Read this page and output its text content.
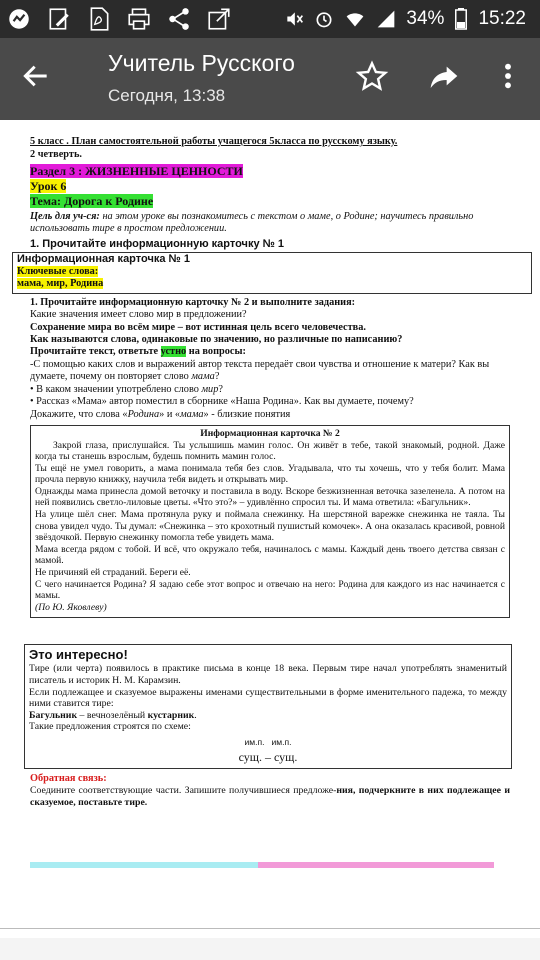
34% 15:22
Учитель Русского
Сегодня, 13:38

5 класс . План самостоятельной работы учащегося 5класса по русскому языку.

2 четверть.

Раздел 3 : ЖИЗНЕННЫЕ ЦЕННОСТИ

Урок 6

Тема: Дорога к Родине

Цель для уч-ся: на этом уроке вы познакомитесь с текстом о маме, о Родине; научитесь правильно использовать тире в простом предложении.

1. Прочитайте информационную карточку № 1

Информационная карточка № 1

Ключевые слова:

мама, мир, Родина

1. Прочитайте информационную карточку № 2 и выполните задания:

Какие значения имеет слово мир в предложении?

Сохранение мира во всём мире – вот истинная цель всего человечества.

Как называются слова, одинаковые по значению, но различные по написанию?

Прочитайте текст, ответьте устно на вопросы:

-С помощью каких слов и выражений автор текста передаёт свои чувства и отношение к матери? Как вы думаете, почему он повторяет слово мама?

• В каком значении употреблено слово мир?

• Рассказ «Мама» автор поместил в сборнике «Наша Родина». Как вы думаете, почему?

Докажите, что слова «Родина» и «мама» - близкие понятия

Информационная карточка № 2

Закрой глаза, прислушайся. Ты услышишь мамин голос. Он живёт в тебе, такой знакомый, родной. Даже когда ты станешь взрослым, будешь помнить мамин голос.

Ты ещё не умел говорить, а мама понимала тебя без слов. Угадывала, что ты хочешь, что у тебя болит. Мама прочла первую книжку, научила тебя видеть и открывать мир.

Однажды мама принесла домой веточку и поставила в воду. Вскоре безжизненная веточка зазеленела. А потом на ней появились светло-лиловые цветы. «Что это?» – удивлённо спросил ты. И мама ответила: «Багульник».

На улице шёл снег. Мама протянула руку и поймала снежинку. На шерстяной варежке снежинка не таяла. Ты снова увидел чудо. Ты думал: «Снежинка – это крохотный пушистый комочек». А она оказалась красивой, ровной звёздочкой. Первую снежинку помогла тебе увидеть мама.

Мама всегда рядом с тобой. И всё, что окружало тебя, начиналось с мамы. Каждый день твоего детства связан с мамой.

Не причиняй ей страданий. Береги её.

С чего начинается Родина? Я задаю себе этот вопрос и отвечаю на него: Родина для каждого из нас начинается с мамы.

(По Ю. Яковлеву)

Это интересно!

Тире (или черта) появилось в практике письма в конце 18 века. Первым тире начал употреблять знаменитый писатель и историк Н. М. Карамзин.

Если подлежащее и сказуемое выражены именами существительными в форме именительного падежа, то между ними ставится тире:

Багульник – вечнозелёный кустарник.

Такие предложения строятся по схеме:

им.п.   им.п.

сущ. – сущ.

Обратная связь:

Соедините соответствующие части. Запишите получившиеся предложе-ния, подчеркните в них подлежащее и сказуемое, поставьте тире.
